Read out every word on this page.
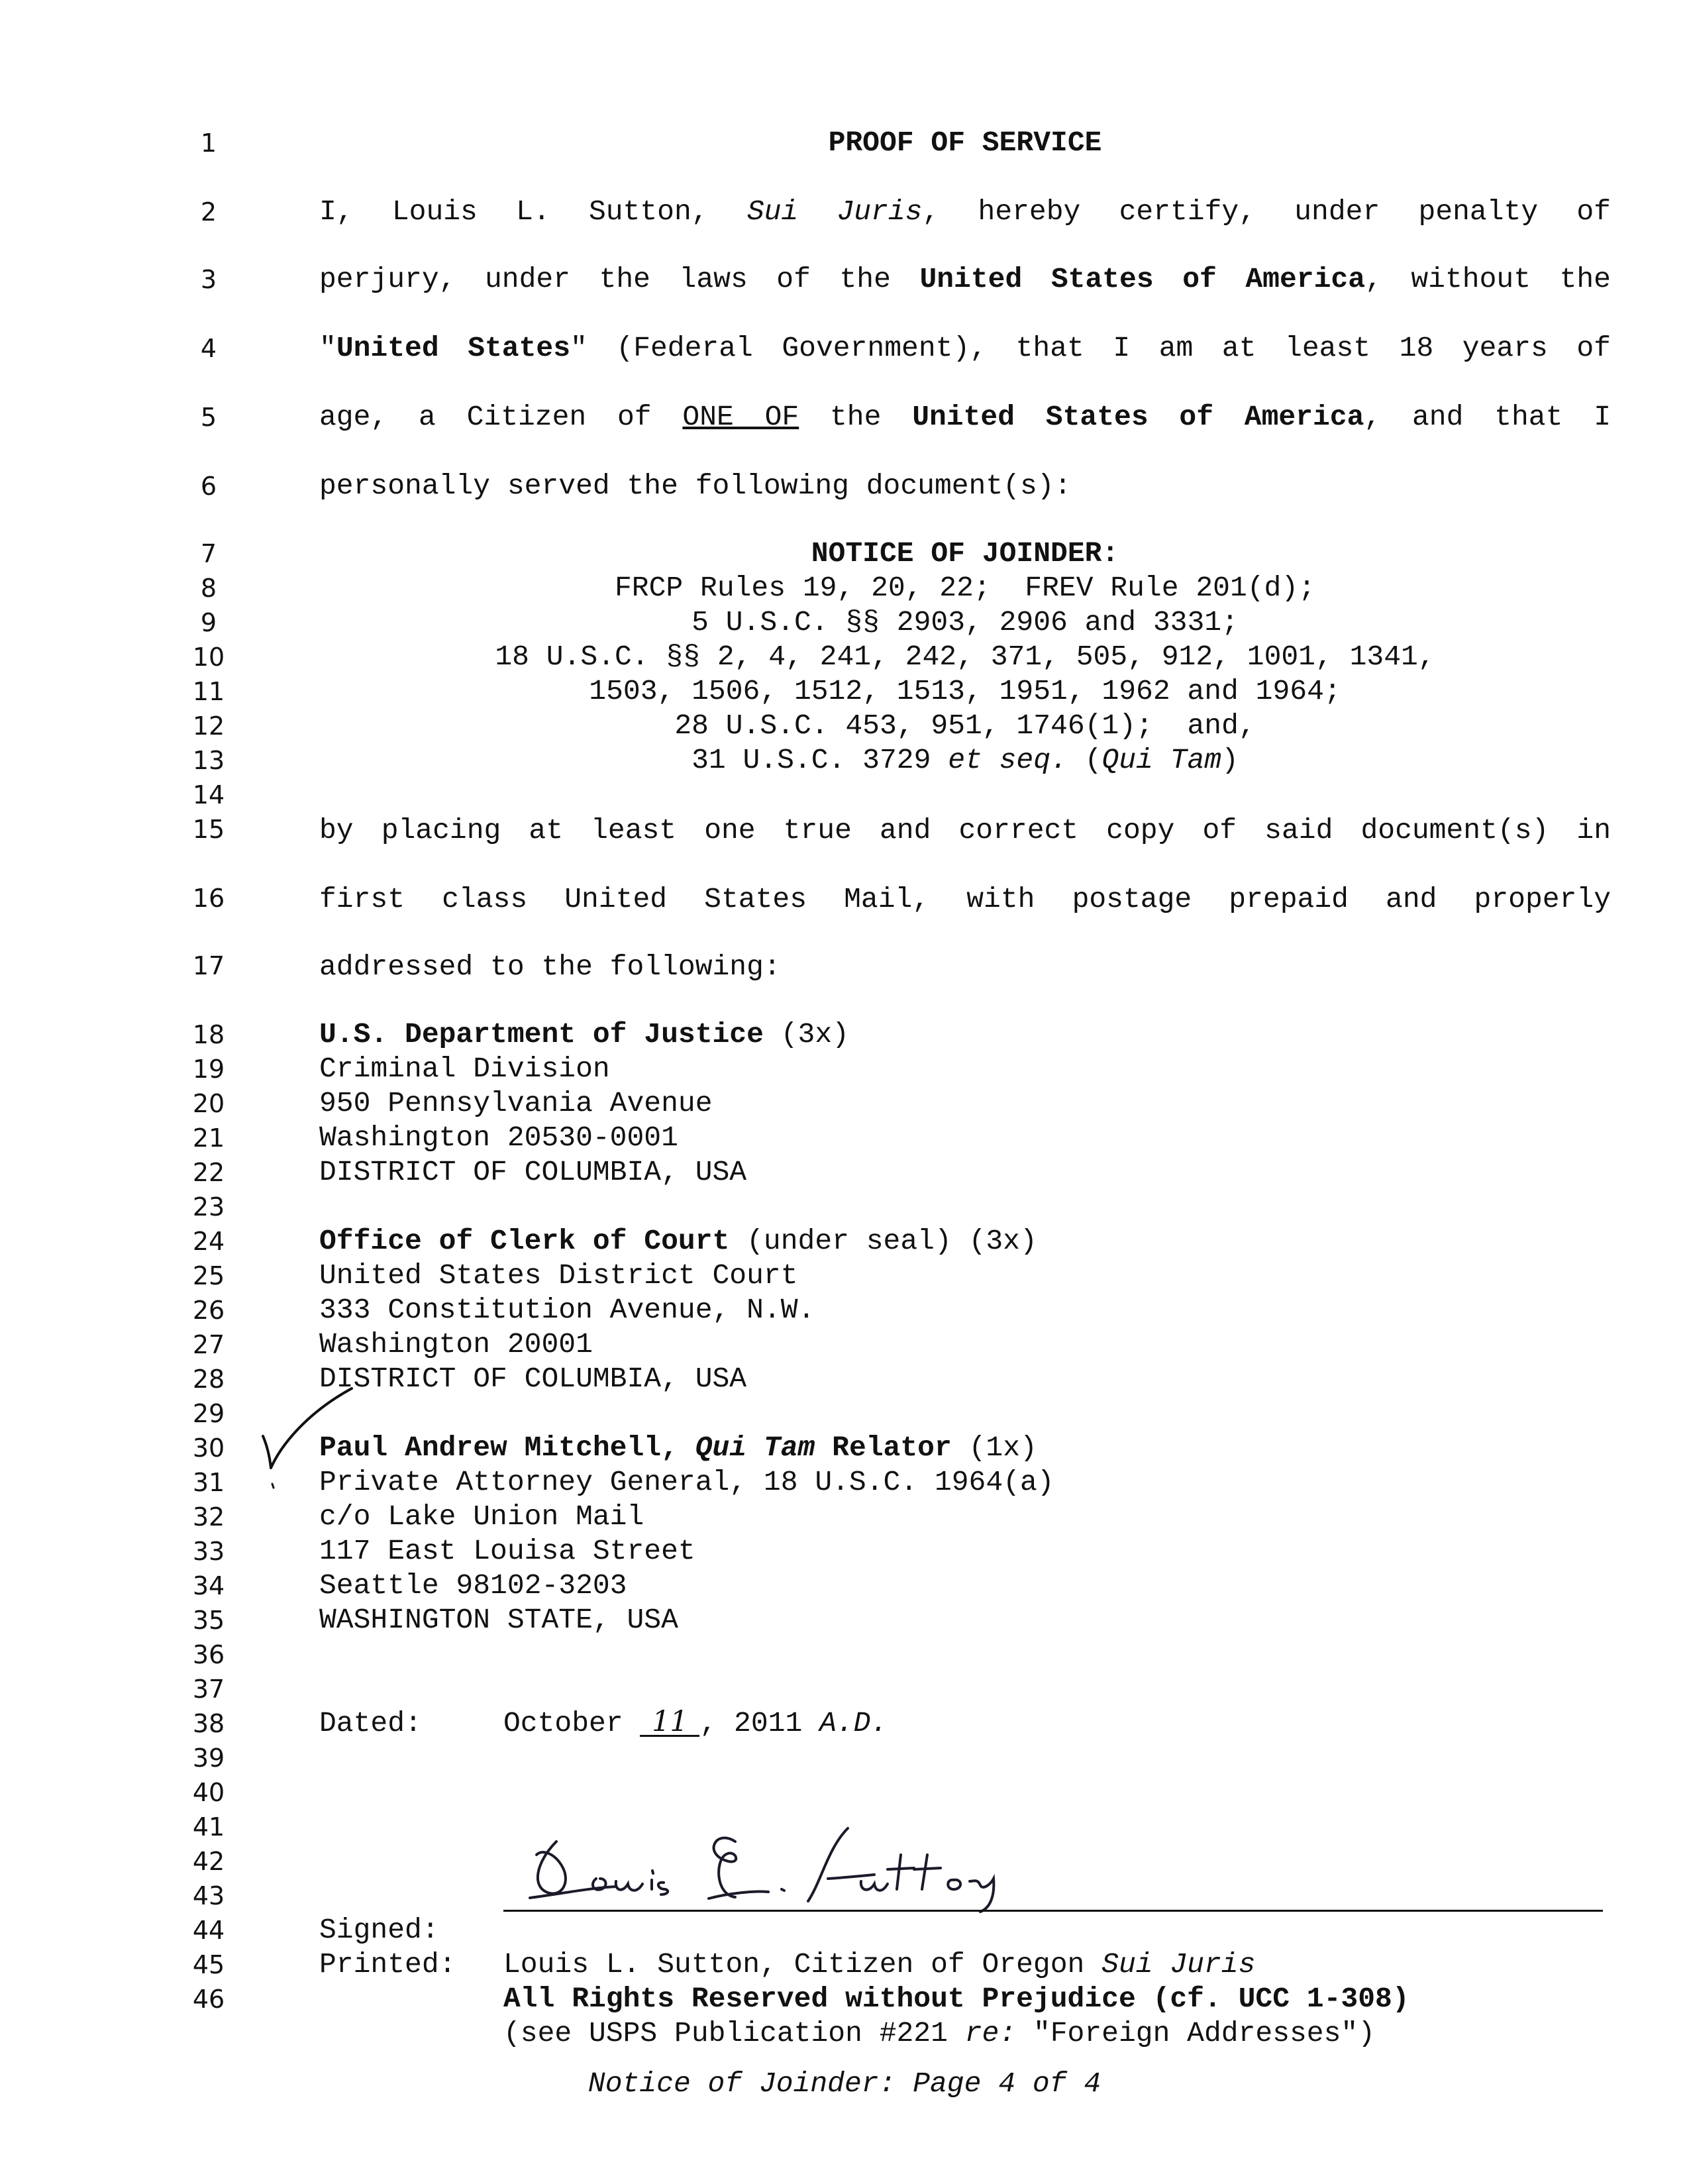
1
2
3
4
5
6
7
8
9
10
11
12
13
14
15
16
17
18
19
20
21
22
23
24
25
26
27
28
29
30
31
32
33
34
35
36
37
38
39
40
41
42
43
44
45
46
PROOF OF SERVICE
I, Louis L. Sutton, Sui Juris, hereby certify, under penalty of
perjury, under the laws of the United States of America, without the
"United States" (Federal Government), that I am at least 18 years of
age, a Citizen of ONE OF the United States of America, and that I
personally served the following document(s):
NOTICE OF JOINDER:
FRCP Rules 19, 20, 22;  FREV Rule 201(d);
5 U.S.C. §§ 2903, 2906 and 3331;
18 U.S.C. §§ 2, 4, 241, 242, 371, 505, 912, 1001, 1341,
1503, 1506, 1512, 1513, 1951, 1962 and 1964;
28 U.S.C. 453, 951, 1746(1);  and,
31 U.S.C. 3729 et seq. (Qui Tam)
by placing at least one true and correct copy of said document(s) in
first class United States Mail, with postage prepaid and properly
addressed to the following:
U.S. Department of Justice (3x)
Criminal Division
950 Pennsylvania Avenue
Washington 20530-0001
DISTRICT OF COLUMBIA, USA
Office of Clerk of Court (under seal) (3x)
United States District Court
333 Constitution Avenue, N.W.
Washington 20001
DISTRICT OF COLUMBIA, USA
Paul Andrew Mitchell, Qui Tam Relator (1x)
Private Attorney General, 18 U.S.C. 1964(a)
c/o Lake Union Mail
117 East Louisa Street
Seattle 98102-3203
WASHINGTON STATE, USA
Dated:	October 11 , 2011 A.D.
Signed:
Printed: Louis L. Sutton, Citizen of Oregon Sui Juris
All Rights Reserved without Prejudice (cf. UCC 1-308)
(see USPS Publication #221 re: "Foreign Addresses")
Notice of Joinder: Page 4 of 4
